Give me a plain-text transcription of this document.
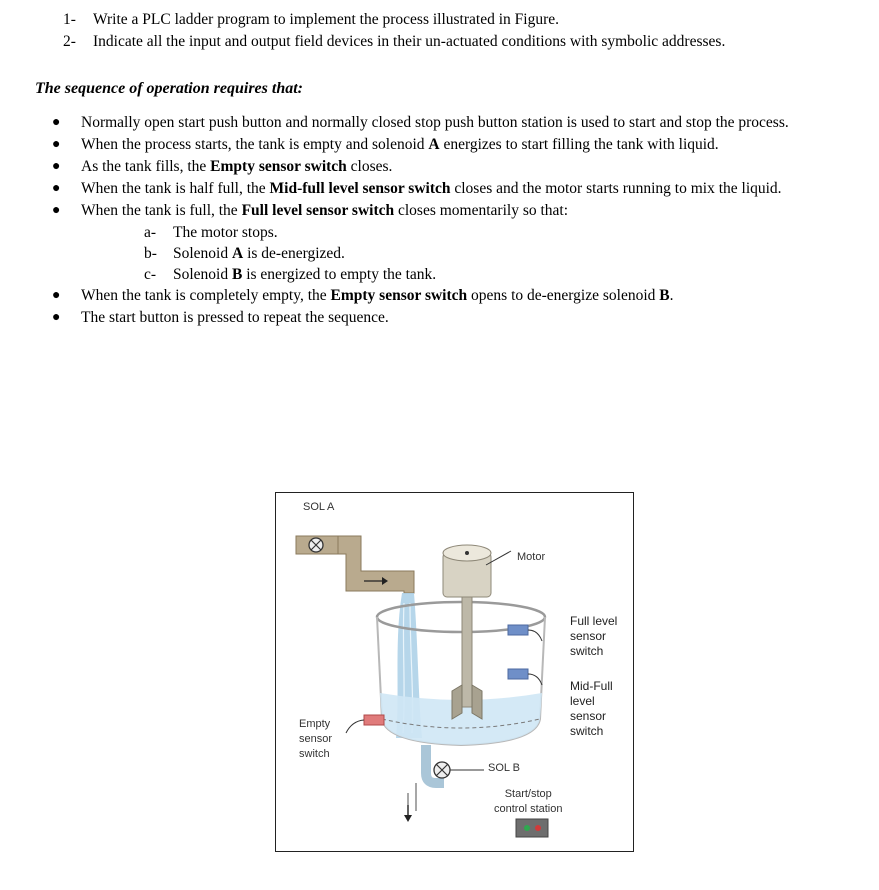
1-	Write a PLC ladder program to implement the process illustrated in Figure.
2-	Indicate all the input and output field devices in their un-actuated conditions with symbolic addresses.
The sequence of operation requires that:
●	Normally open start push button and normally closed stop push button station is used to start and stop the process.
●	When the process starts, the tank is empty and solenoid A energizes to start filling the tank with liquid.
●	As the tank fills, the Empty sensor switch closes.
●	When the tank is half full, the Mid-full level sensor switch closes and the motor starts running to mix the liquid.
●	When the tank is full, the Full level sensor switch closes momentarily so that:
a-	The motor stops.
b-	Solenoid A is de-energized.
c-	Solenoid B is energized to empty the tank.
●	When the tank is completely empty, the Empty sensor switch opens to de-energize solenoid B.
●	The start button is pressed to repeat the sequence.
SOL A
Motor
Full level
sensor
switch
Mid-Full
level
sensor
switch
Empty
sensor
switch
SOL B
Start/stop
control station
